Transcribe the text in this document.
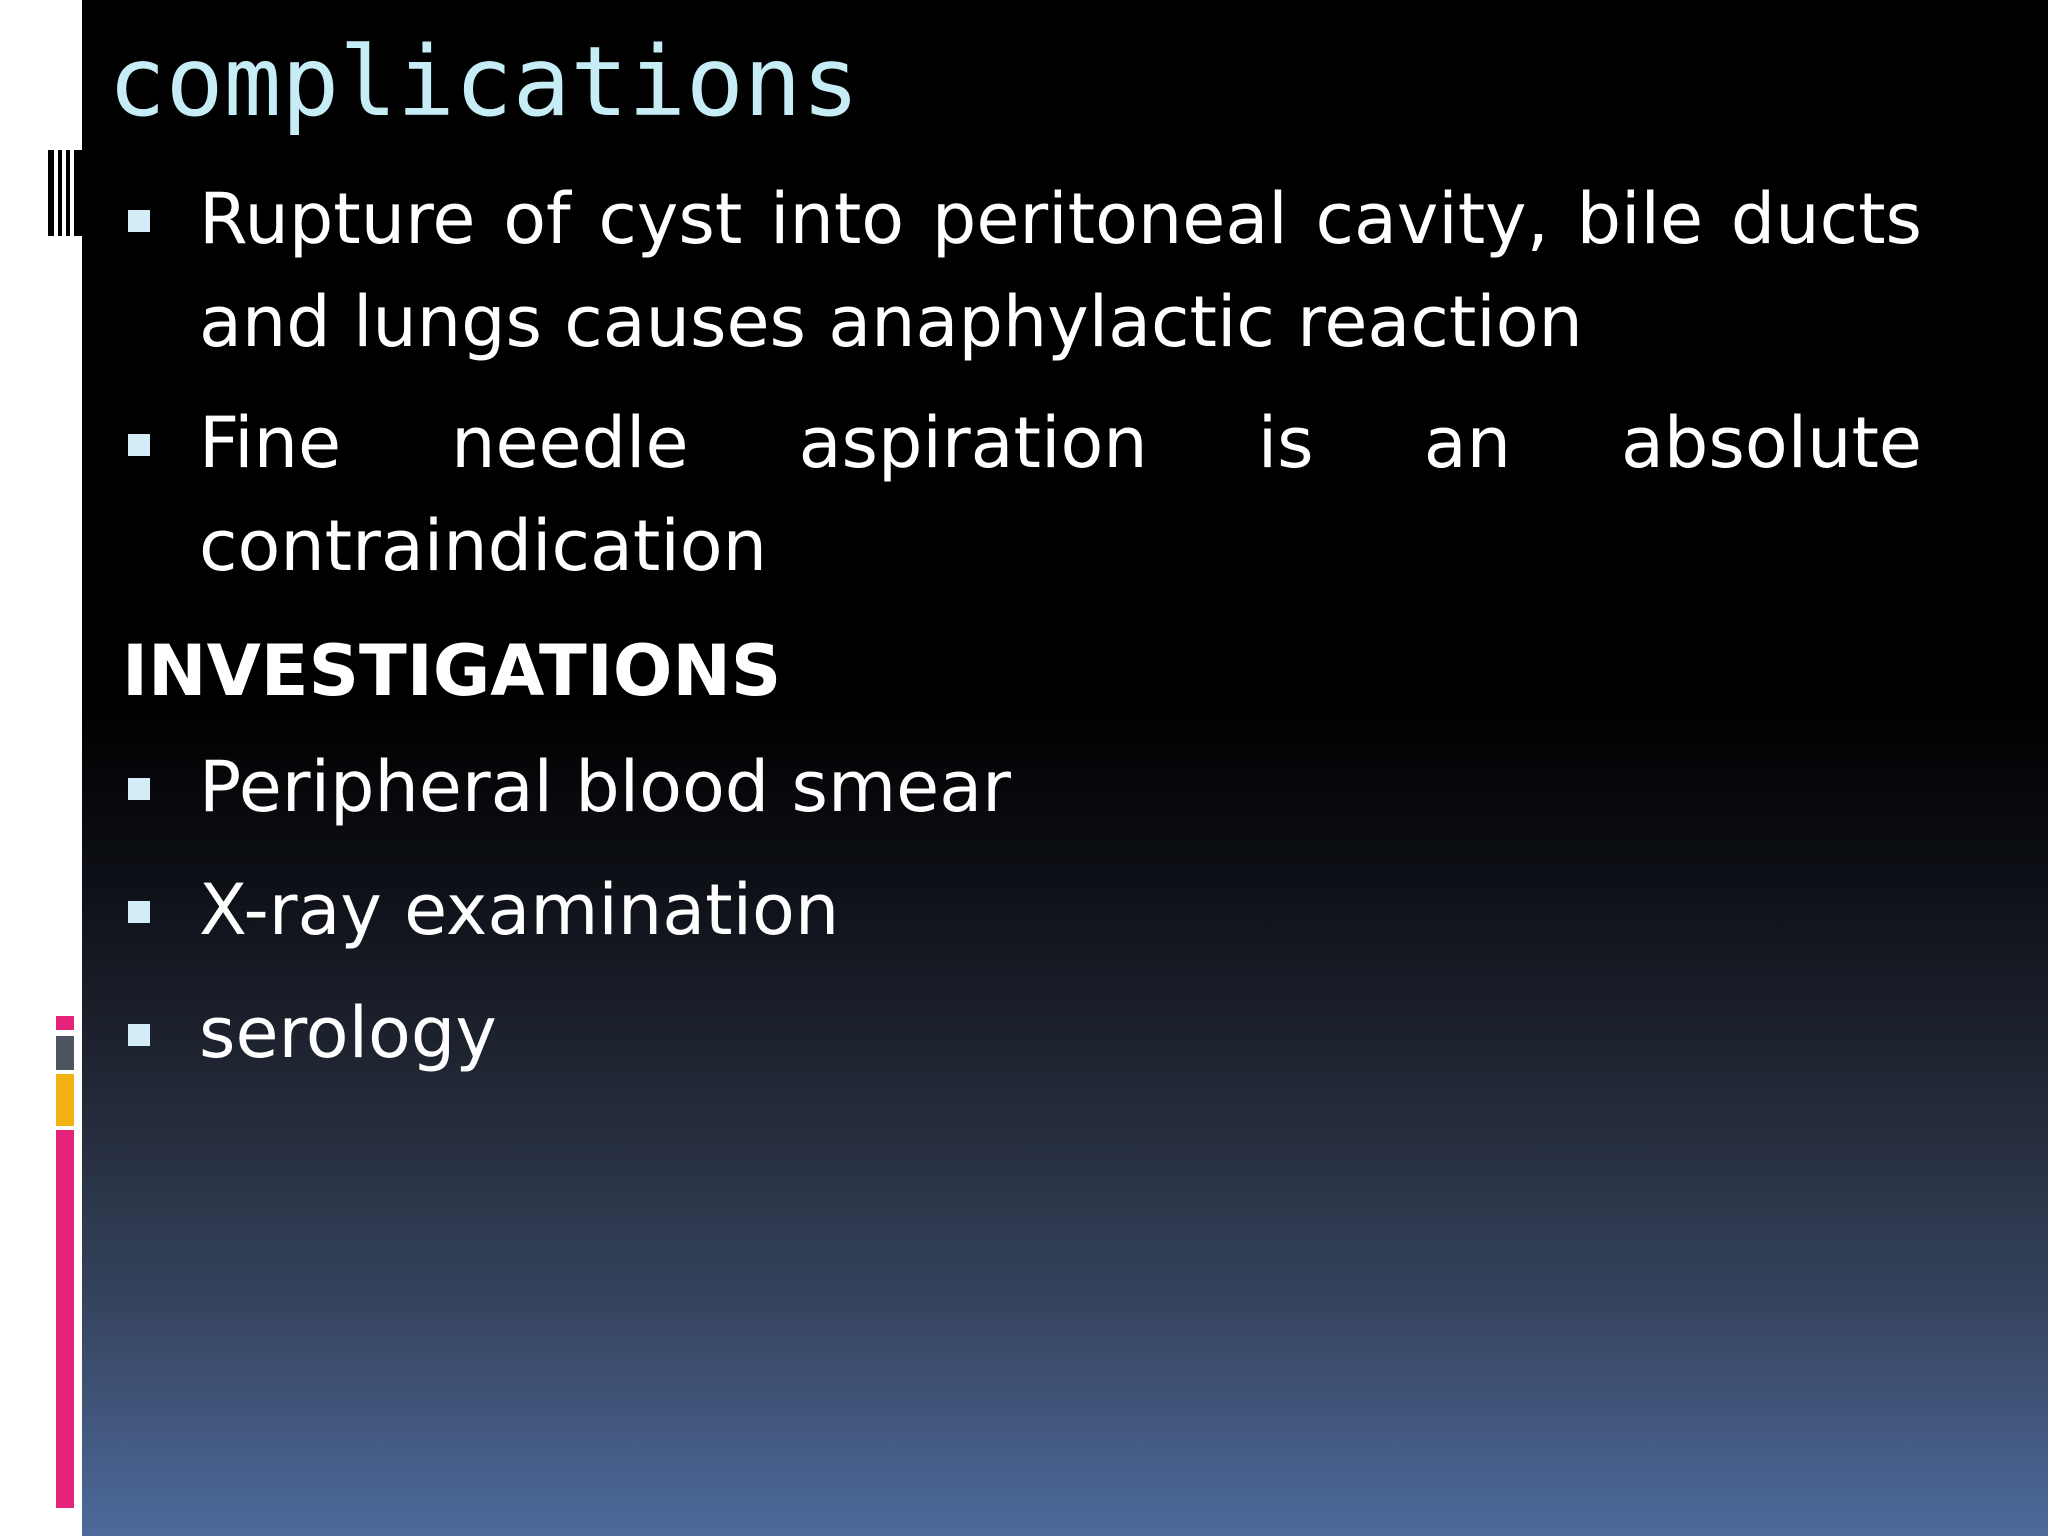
complications
Rupture of cyst into peritoneal cavity, bile ducts and lungs causes anaphylactic reaction
Fine needle aspiration is an absolute contraindication
INVESTIGATIONS
Peripheral blood smear
X-ray examination
serology
